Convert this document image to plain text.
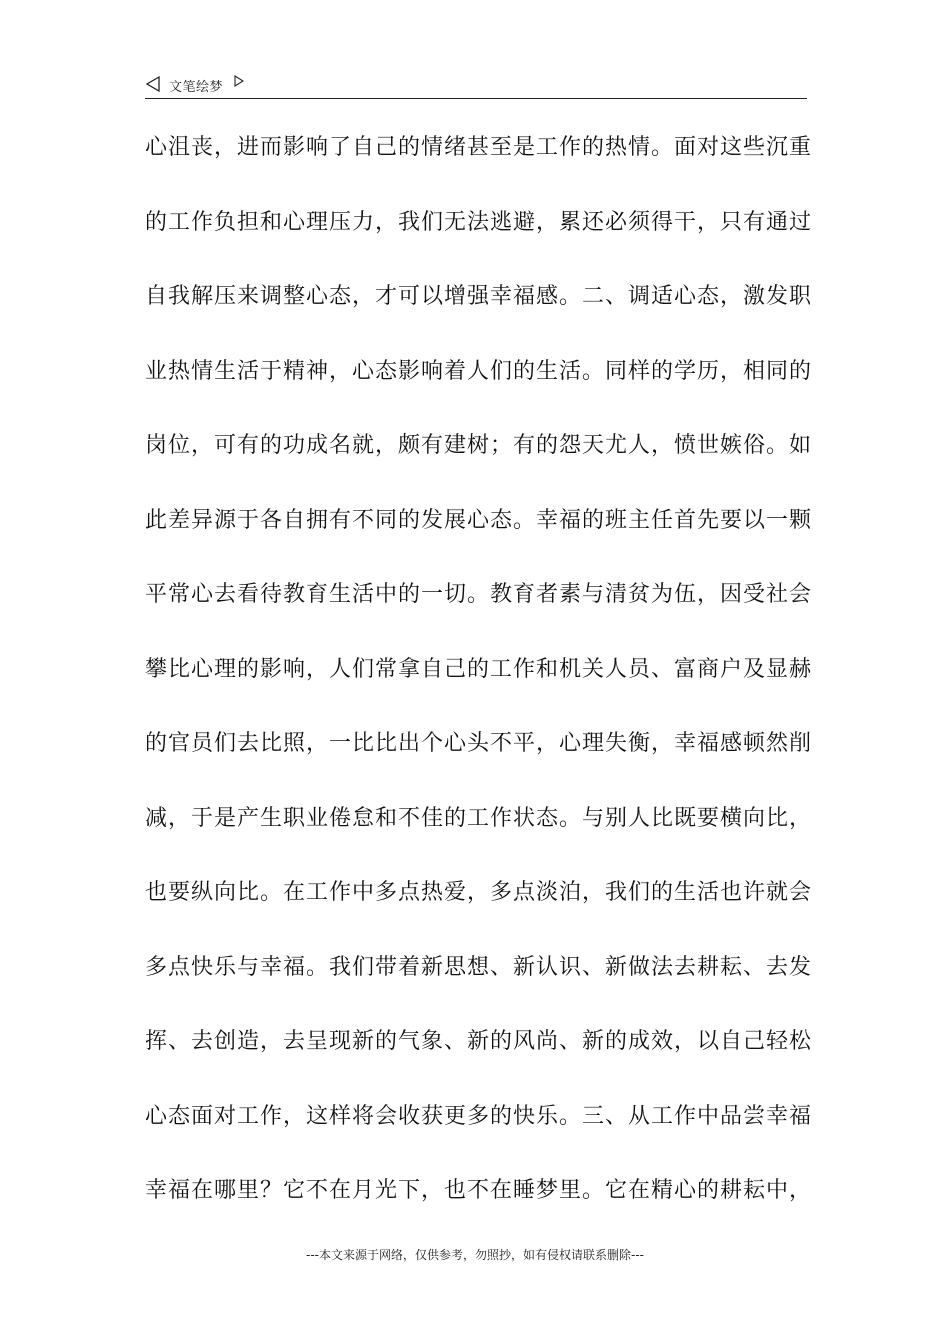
文笔绘梦
心沮丧，进而影响了自己的情绪甚至是工作的热情。面对这些沉重
的工作负担和心理压力，我们无法逃避，累还必须得干，只有通过
自我解压来调整心态，才可以增强幸福感。二、调适心态，激发职
业热情生活于精神，心态影响着人们的生活。同样的学历，相同的
岗位，可有的功成名就，颇有建树；有的怨天尤人，愤世嫉俗。如
此差异源于各自拥有不同的发展心态。幸福的班主任首先要以一颗
平常心去看待教育生活中的一切。教育者素与清贫为伍，因受社会
攀比心理的影响，人们常拿自己的工作和机关人员、富商户及显赫
的官员们去比照，一比比出个心头不平，心理失衡，幸福感顿然削
减，于是产生职业倦怠和不佳的工作状态。与别人比既要横向比，
也要纵向比。在工作中多点热爱，多点淡泊，我们的生活也许就会
多点快乐与幸福。我们带着新思想、新认识、新做法去耕耘、去发
挥、去创造，去呈现新的气象、新的风尚、新的成效，以自己轻松
心态面对工作，这样将会收获更多的快乐。三、从工作中品尝幸福
幸福在哪里？它不在月光下，也不在睡梦里。它在精心的耕耘中，
---本文来源于网络，仅供参考，勿照抄，如有侵权请联系删除---
